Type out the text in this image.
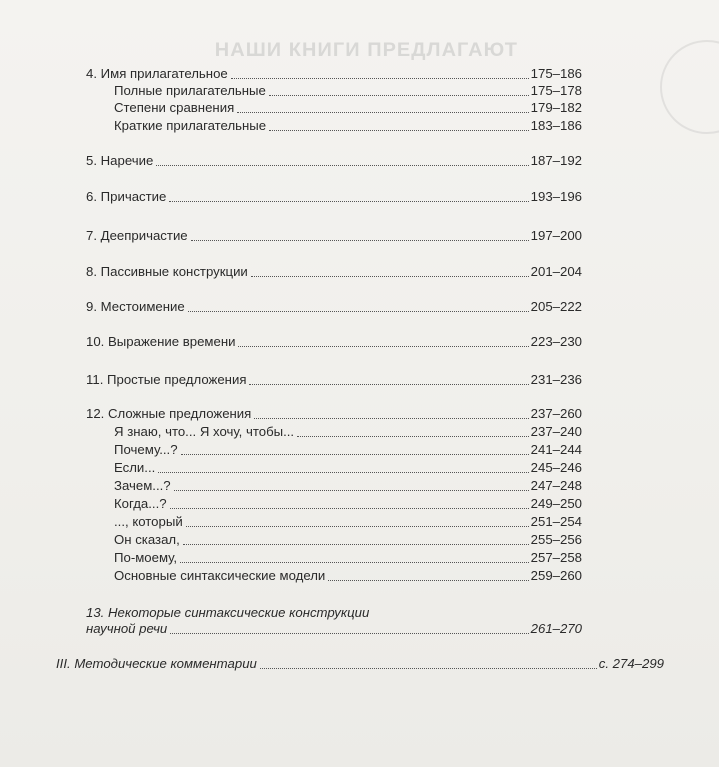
НАШИ КНИГИ ПРЕДЛАГАЮТ
4. Имя прилагательное	175–186
Полные прилагательные	175–178
Степени сравнения	179–182
Краткие прилагательные	183–186
5. Наречие	187–192
6. Причастие	193–196
7. Деепричастие	197–200
8. Пассивные конструкции	201–204
9. Местоимение	205–222
10. Выражение времени	223–230
11. Простые предложения	231–236
12. Сложные предложения	237–260
Я знаю, что... Я хочу, чтобы...	237–240
Почему...?	241–244
Если...	245–246
Зачем...?	247–248
Когда...?	249–250
..., который	251–254
Он сказал,	255–256
По-моему,	257–258
Основные синтаксические модели	259–260
13. Некоторые синтаксические конструкции
научной речи	261–270
III. Методические комментарии	с. 274–299
